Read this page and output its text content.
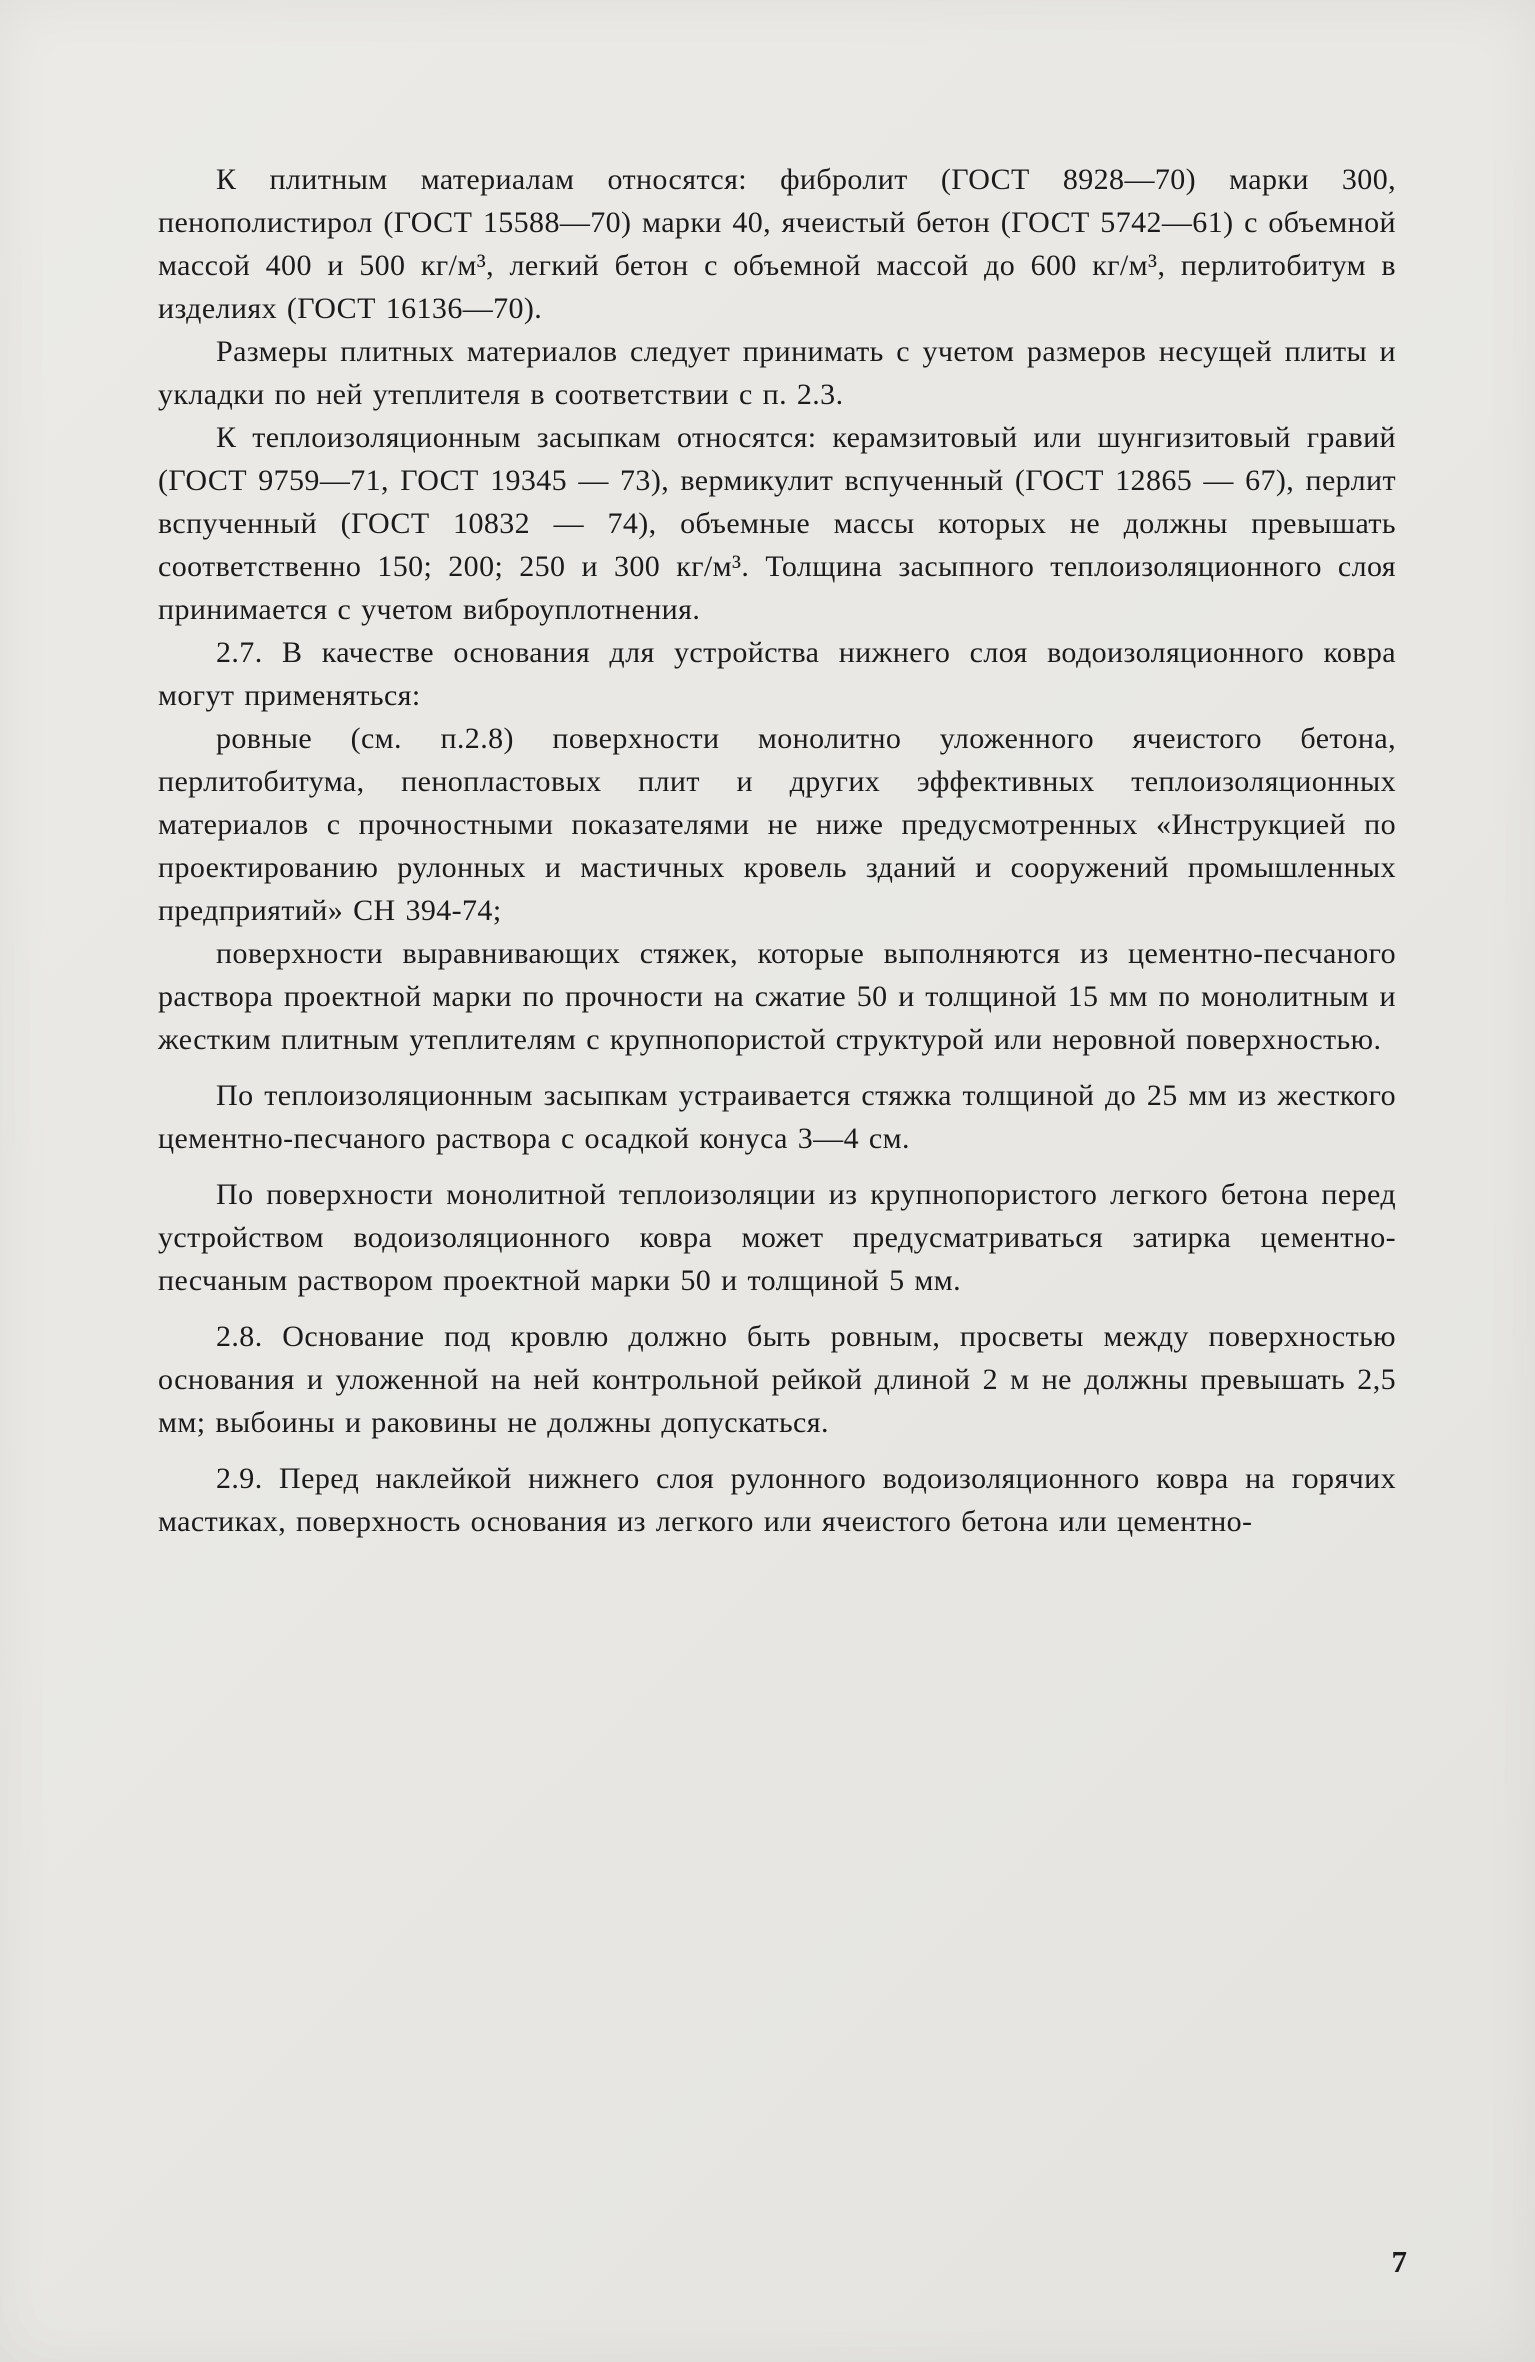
К плитным материалам относятся: фибролит (ГОСТ 8928—70) марки 300, пенополистирол (ГОСТ 15588—70) марки 40, ячеистый бетон (ГОСТ 5742—61) с объемной массой 400 и 500 кг/м³, легкий бетон с объемной массой до 600 кг/м³, перлитобитум в изделиях (ГОСТ 16136—70).

Размеры плитных материалов следует принимать с учетом размеров несущей плиты и укладки по ней утеплителя в соответствии с п. 2.3.

К теплоизоляционным засыпкам относятся: керамзитовый или шунгизитовый гравий (ГОСТ 9759—71, ГОСТ 19345 — 73), вермикулит вспученный (ГОСТ 12865 — 67), перлит вспученный (ГОСТ 10832 — 74), объемные массы которых не должны превышать соответственно 150; 200; 250 и 300 кг/м³. Толщина засыпного теплоизоляционного слоя принимается с учетом виброуплотнения.

2.7. В качестве основания для устройства нижнего слоя водоизоляционного ковра могут применяться:

ровные (см. п.2.8) поверхности монолитно уложенного ячеистого бетона, перлитобитума, пенопластовых плит и других эффективных теплоизоляционных материалов с прочностными показателями не ниже предусмотренных «Инструкцией по проектированию рулонных и мастичных кровель зданий и сооружений промышленных предприятий» СН 394-74;

поверхности выравнивающих стяжек, которые выполняются из цементно-песчаного раствора проектной марки по прочности на сжатие 50 и толщиной 15 мм по монолитным и жестким плитным утеплителям с крупнопористой структурой или неровной поверхностью.

По теплоизоляционным засыпкам устраивается стяжка толщиной до 25 мм из жесткого цементно-песчаного раствора с осадкой конуса 3—4 см.

По поверхности монолитной теплоизоляции из крупнопористого легкого бетона перед устройством водоизоляционного ковра может предусматриваться затирка цементно-песчаным раствором проектной марки 50 и толщиной 5 мм.

2.8. Основание под кровлю должно быть ровным, просветы между поверхностью основания и уложенной на ней контрольной рейкой длиной 2 м не должны превышать 2,5 мм; выбоины и раковины не должны допускаться.

2.9. Перед наклейкой нижнего слоя рулонного водоизоляционного ковра на горячих мастиках, поверхность основания из легкого или ячеистого бетона или цементно-

7
